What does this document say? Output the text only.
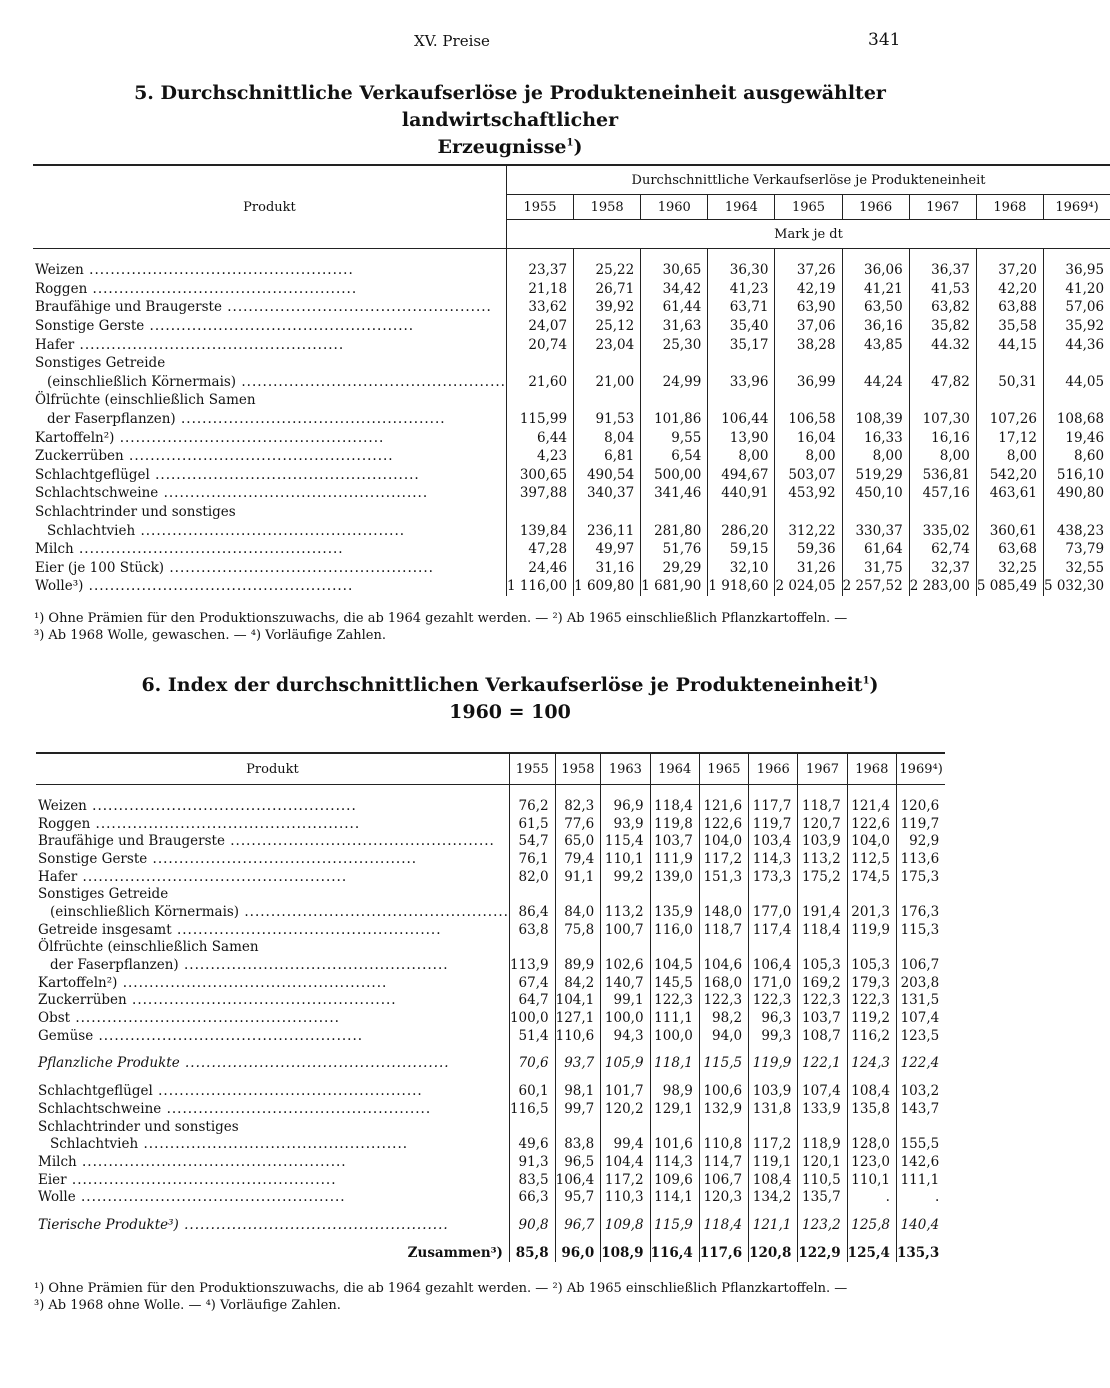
XV. Preise	341
5. Durchschnittliche Verkaufserlöse je Produkteneinheit ausgewählter landwirtschaftlicher
Erzeugnisse$^1$)

Produkt	Durchschnittliche Verkaufserlöse je Produkteneinheit								
	1955	1958	1960	1964	1965	1966	1967	1968	1969⁴)
	Mark je dt								

Weizen .....	23,37	25,22	30,65	36,30	37,26	36,06	36,37	37,20	36,95
Roggen .....	21,18	26,71	34,42	41,23	42,19	41,21	41,53	42,20	41,20
Braufähige und Braugerste .....	33,62	39,92	61,44	63,71	63,90	63,50	63,82	63,88	57,06
Sonstige Gerste .....	24,07	25,12	31,63	35,40	37,06	36,16	35,82	35,58	35,92
Hafer .....	20,74	23,04	25,30	35,17	38,28	43,85	44.32	44,15	44,36
Sonstiges Getreide									
(einschließlich Körnermais) .....	21,60	21,00	24,99	33,96	36,99	44,24	47,82	50,31	44,05
Ölfrüchte (einschließlich Samen									
der Faserpflanzen) .....	115,99	91,53	101,86	106,44	106,58	108,39	107,30	107,26	108,68
Kartoffeln²) .....	6,44	8,04	9,55	13,90	16,04	16,33	16,16	17,12	19,46
Zuckerrüben .....	4,23	6,81	6,54	8,00	8,00	8,00	8,00	8,00	8,60
Schlachtgeflügel .....	300,65	490,54	500,00	494,67	503,07	519,29	536,81	542,20	516,10
Schlachtschweine .....	397,88	340,37	341,46	440,91	453,92	450,10	457,16	463,61	490,80
Schlachtrinder und sonstiges									
Schlachtvieh .....	139,84	236,11	281,80	286,20	312,22	330,37	335,02	360,61	438,23
Milch .....	47,28	49,97	51,76	59,15	59,36	61,64	62,74	63,68	73,79
Eier (je 100 Stück) .....	24,46	31,16	29,29	32,10	31,26	31,75	32,37	32,25	32,55
Wolle³) .....	1 116,00	1 609,80	1 681,90	1 918,60	2 024,05	2 257,52	2 283,00	5 085,49	5 032,30
¹) Ohne Prämien für den Produktionszuwachs, die ab 1964 gezahlt werden. — ²) Ab 1965 einschließlich Pflanzkartoffeln. —
³) Ab 1968 Wolle, gewaschen. — ⁴) Vorläufige Zahlen.
6. Index der durchschnittlichen Verkaufserlöse je Produkteneinheit$^1$)
1960 = 100
Produkt	1955	1958	1963	1964	1965	1966	1967	1968	1969⁴)

Weizen .....	76,2	82,3	96,9	118,4	121,6	117,7	118,7	121,4	120,6
Roggen .....	61,5	77,6	93,9	119,8	122,6	119,7	120,7	122,6	119,7
Braufähige und Braugerste .....	54,7	65,0	115,4	103,7	104,0	103,4	103,9	104,0	92,9
Sonstige Gerste .....	76,1	79,4	110,1	111,9	117,2	114,3	113,2	112,5	113,6
Hafer .....	82,0	91,1	99,2	139,0	151,3	173,3	175,2	174,5	175,3
Sonstiges Getreide									
(einschließlich Körnermais) .....	86,4	84,0	113,2	135,9	148,0	177,0	191,4	201,3	176,3
Getreide insgesamt .....	63,8	75,8	100,7	116,0	118,7	117,4	118,4	119,9	115,3
Ölfrüchte (einschließlich Samen									
der Faserpflanzen) .....	113,9	89,9	102,6	104,5	104,6	106,4	105,3	105,3	106,7
Kartoffeln²) .....	67,4	84,2	140,7	145,5	168,0	171,0	169,2	179,3	203,8
Zuckerrüben .....	64,7	104,1	99,1	122,3	122,3	122,3	122,3	122,3	131,5
Obst .....	100,0	127,1	100,0	111,1	98,2	96,3	103,7	119,2	107,4
Gemüse .....	51,4	110,6	94,3	100,0	94,0	99,3	108,7	116,2	123,5

Pflanzliche Produkte .....	70,6	93,7	105,9	118,1	115,5	119,9	122,1	124,3	122,4

Schlachtgeflügel .....	60,1	98,1	101,7	98,9	100,6	103,9	107,4	108,4	103,2
Schlachtschweine .....	116,5	99,7	120,2	129,1	132,9	131,8	133,9	135,8	143,7
Schlachtrinder und sonstiges									
Schlachtvieh .....	49,6	83,8	99,4	101,6	110,8	117,2	118,9	128,0	155,5
Milch .....	91,3	96,5	104,4	114,3	114,7	119,1	120,1	123,0	142,6
Eier .....	83,5	106,4	117,2	109,6	106,7	108,4	110,5	110,1	111,1
Wolle .....	66,3	95,7	110,3	114,1	120,3	134,2	135,7	.	.

Tierische Produkte³) .....	90,8	96,7	109,8	115,9	118,4	121,1	123,2	125,8	140,4

Zusammen³)	85,8	96,0	108,9	116,4	117,6	120,8	122,9	125,4	135,3
¹) Ohne Prämien für den Produktionszuwachs, die ab 1964 gezahlt werden. — ²) Ab 1965 einschließlich Pflanzkartoffeln. —
³) Ab 1968 ohne Wolle. — ⁴) Vorläufige Zahlen.
